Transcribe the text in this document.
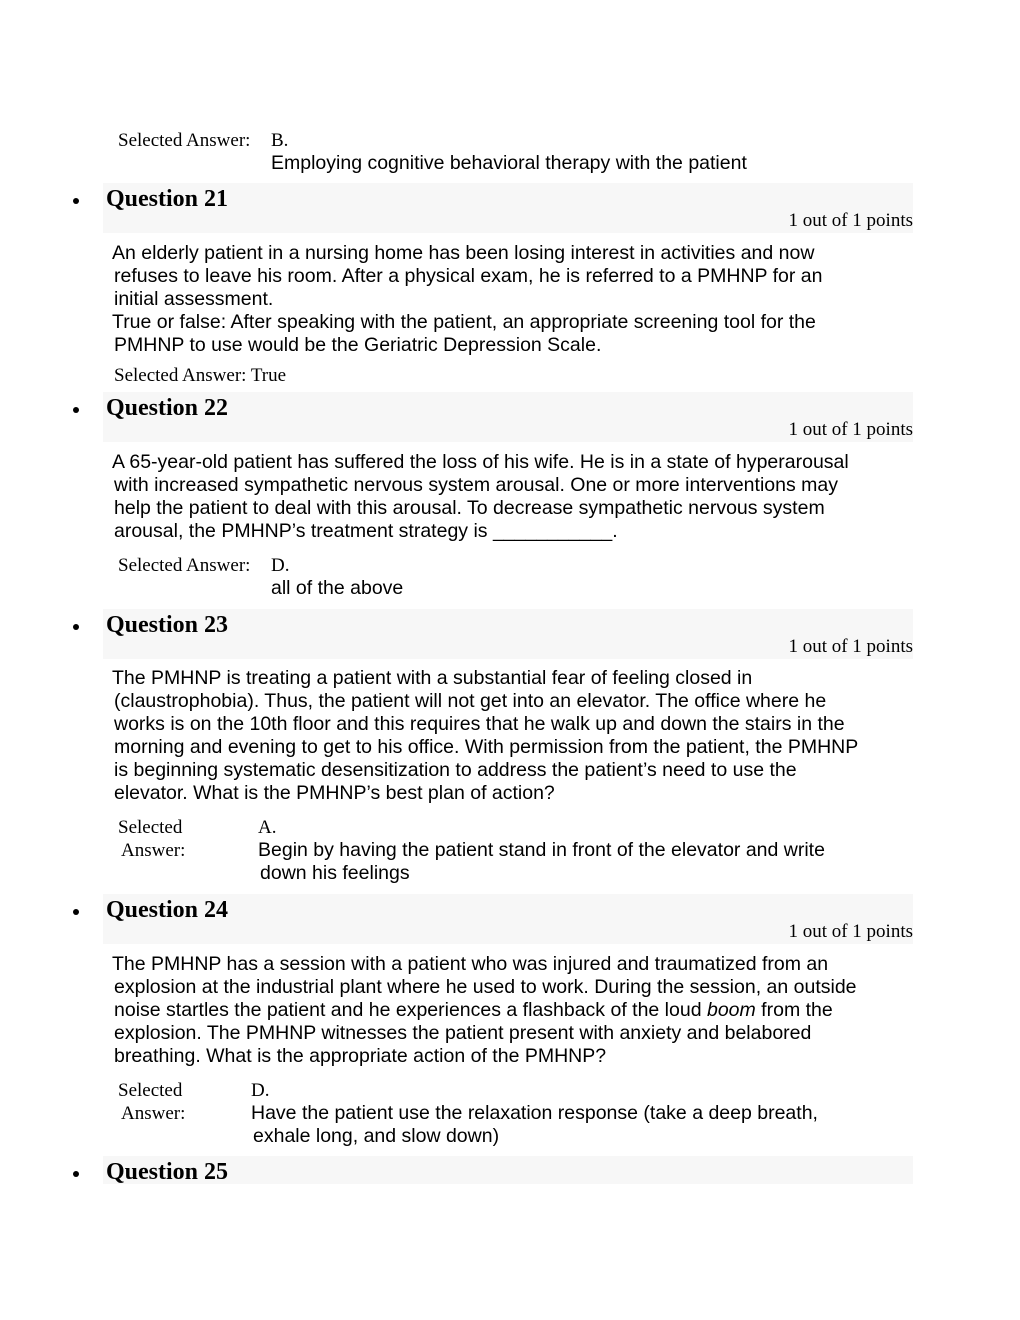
Selected Answer: B.
Employing cognitive behavioral therapy with the patient
Question 21
1 out of 1 points

An elderly patient in a nursing home has been losing interest in activities and now refuses to leave his room. After a physical exam, he is referred to a PMHNP for an initial assessment.

True or false: After speaking with the patient, an appropriate screening tool for the PMHNP to use would be the Geriatric Depression Scale.

Selected Answer: True
Question 22
1 out of 1 points

A 65-year-old patient has suffered the loss of his wife. He is in a state of hyperarousal with increased sympathetic nervous system arousal. One or more interventions may help the patient to deal with this arousal. To decrease sympathetic nervous system arousal, the PMHNP’s treatment strategy is ___________.

Selected Answer: D.
all of the above
Question 23
1 out of 1 points

The PMHNP is treating a patient with a substantial fear of feeling closed in (claustrophobia). Thus, the patient will not get into an elevator. The office where he works is on the 10th floor and this requires that he walk up and down the stairs in the morning and evening to get to his office. With permission from the patient, the PMHNP is beginning systematic desensitization to address the patient’s need to use the elevator. What is the PMHNP’s best plan of action?

Selected
Answer:
A.
Begin by having the patient stand in front of the elevator and write down his feelings
Question 24
1 out of 1 points

The PMHNP has a session with a patient who was injured and traumatized from an explosion at the industrial plant where he used to work. During the session, an outside noise startles the patient and he experiences a flashback of the loud boom from the explosion. The PMHNP witnesses the patient present with anxiety and belabored breathing. What is the appropriate action of the PMHNP?

Selected
Answer:
D.
Have the patient use the relaxation response (take a deep breath, exhale long, and slow down)
Question 25
